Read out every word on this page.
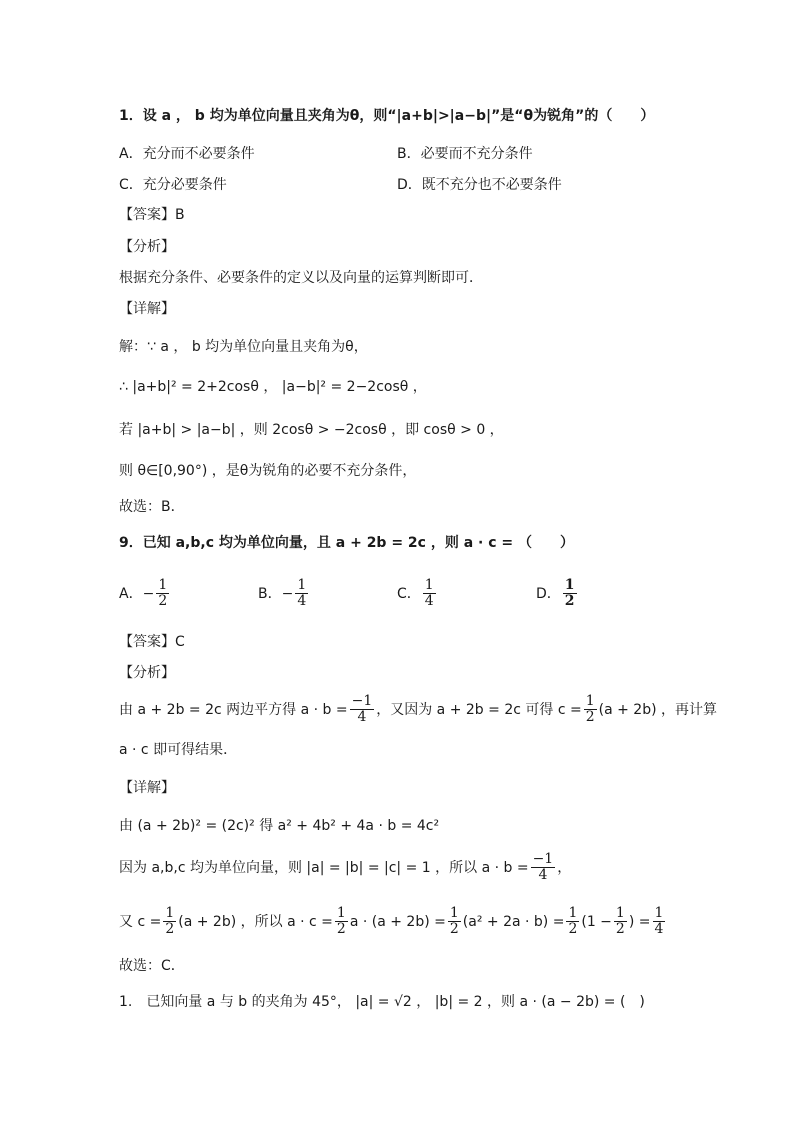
1．设 a ， b 均为单位向量且夹角为θ，则“|a+b|>|a−b|”是“θ为锐角”的（　　）
A．充分而不必要条件	B．必要而不充分条件
C．充分必要条件	D．既不充分也不必要条件
【答案】B
【分析】
根据充分条件、必要条件的定义以及向量的运算判断即可．
【详解】
解：∵ a ， b 均为单位向量且夹角为θ，
∴ |a+b|² = 2+2cosθ ， |a−b|² = 2−2cosθ ，
若 |a+b| > |a−b| ，则 2cosθ > −2cosθ ，即 cosθ > 0 ，
则 θ∈[0,90°) ，是θ为锐角的必要不充分条件，
故选：B．
9．已知 a,b,c 均为单位向量，且 a + 2b = 2c ，则 a · c = （　　）
A．− $\frac{1}{2}$	B．− $\frac{1}{4}$	C． $\frac{1}{4}$	D． $\frac{1}{2}$
【答案】C
【分析】
由 a + 2b = 2c 两边平方得 $a \cdot b = \frac{-1}{4}$ ，又因为 a + 2b = 2c 可得 $c = \frac{1}{2} (a + 2b)$ ，再计算
a · c 即可得结果．
【详解】
由 (a + 2b)² = (2c)² 得 a² + 4b² + 4a · b = 4c²
因为 a,b,c 均为单位向量，则 |a| = |b| = |c| = 1 ，所以 $a \cdot b = \frac{-1}{4}$ ，
又 $c = \frac{1}{2} (a + 2b)$ ，所以 $a \cdot c = \frac{1}{2}$ $a \cdot (a + 2b) = \frac{1}{2} (a^2 + 2a \cdot b) = \frac{1}{2} (1 - \frac{1}{2}$ ) = $\frac{1}{4}$
故选：C．
1.　已知向量 a 与 b 的夹角为 45°， |a| = √2 ， |b| = 2 ，则 a · (a − 2b) = (　)
